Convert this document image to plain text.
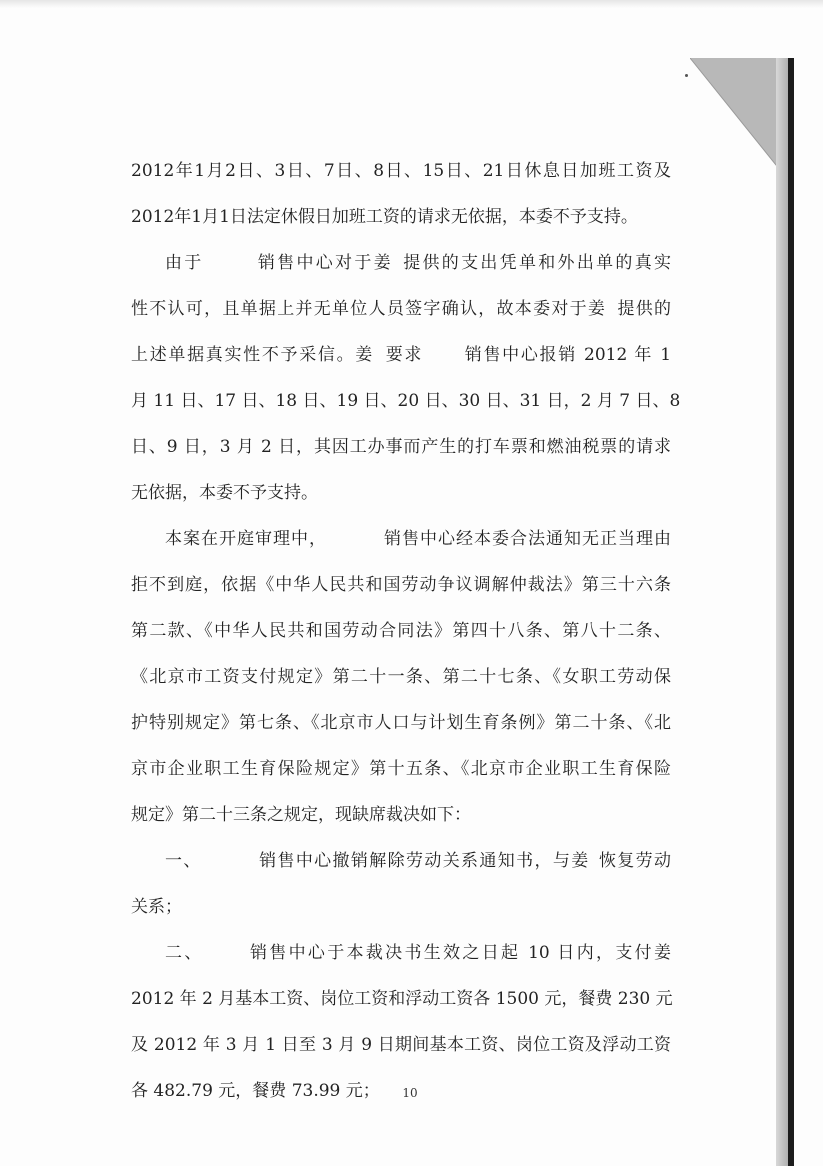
2012年1月2日、3日、7日、8日、15日、21日休息日加班工资及
2012年1月1日法定休假日加班工资的请求无依据，本委不予支持。
由于	销售中心对于姜 提供的支出凭单和外出单的真实
性不认可，且单据上并无单位人员签字确认，故本委对于姜 提供的
上述单据真实性不予采信。姜 要求 销售中心报销 2012 年 1
月 11 日、17 日、18 日、19 日、20 日、30 日、31 日，2 月 7 日、8
日、9 日，3 月 2 日，其因工办事而产生的打车票和燃油税票的请求
无依据，本委不予支持。
本案在开庭审理中，	销售中心经本委合法通知无正当理由
拒不到庭，依据《中华人民共和国劳动争议调解仲裁法》第三十六条
第二款、《中华人民共和国劳动合同法》第四十八条、第八十二条、
《北京市工资支付规定》第二十一条、第二十七条、《女职工劳动保
护特别规定》第七条、《北京市人口与计划生育条例》第二十条、《北
京市企业职工生育保险规定》第十五条、《北京市企业职工生育保险
规定》第二十三条之规定，现缺席裁决如下：
一、	销售中心撤销解除劳动关系通知书，与姜 恢复劳动
关系；
二、	销售中心于本裁决书生效之日起 10 日内，支付姜
2012 年 2 月基本工资、岗位工资和浮动工资各 1500 元，餐费 230 元
及 2012 年 3 月 1 日至 3 月 9 日期间基本工资、岗位工资及浮动工资
各 482.79 元，餐费 73.99 元；	10
